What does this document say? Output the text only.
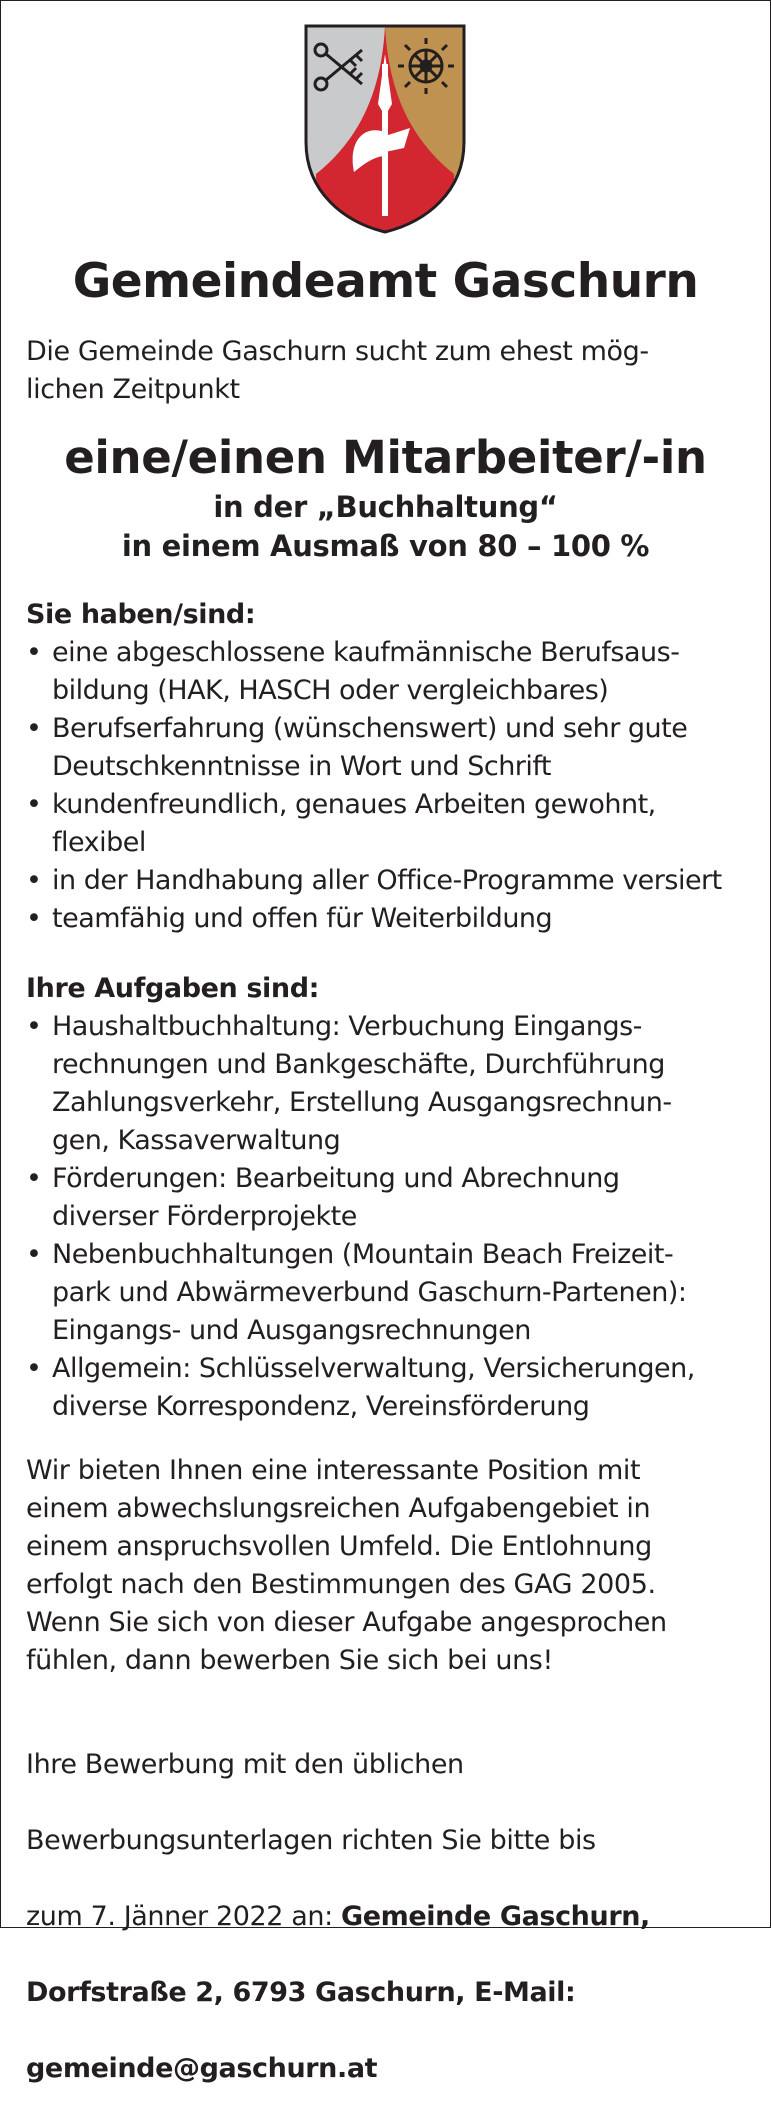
Gemeindeamt Gaschurn
Die Gemeinde Gaschurn sucht zum ehest mög-
lichen Zeitpunkt
eine/einen Mitarbeiter/-in
in der „Buchhaltung“
in einem Ausmaß von 80 – 100 %
Sie haben/sind:
• eine abgeschlossene kaufmännische Berufsaus-
bildung (HAK, HASCH oder vergleichbares)
• Berufserfahrung (wünschenswert) und sehr gute
Deutschkenntnisse in Wort und Schrift
• kundenfreundlich, genaues Arbeiten gewohnt,
flexibel
• in der Handhabung aller Office-Programme versiert
• teamfähig und offen für Weiterbildung
Ihre Aufgaben sind:
• Haushaltbuchhaltung: Verbuchung Eingangs-
rechnungen und Bankgeschäfte, Durchführung
Zahlungsverkehr, Erstellung Ausgangsrechnun-
gen, Kassaverwaltung
• Förderungen: Bearbeitung und Abrechnung
diverser Förderprojekte
• Nebenbuchhaltungen (Mountain Beach Freizeit-
park und Abwärmeverbund Gaschurn-Partenen):
Eingangs- und Ausgangsrechnungen
• Allgemein: Schlüsselverwaltung, Versicherungen,
diverse Korrespondenz, Vereinsförderung
Wir bieten Ihnen eine interessante Position mit
einem abwechslungsreichen Aufgabengebiet in
einem anspruchsvollen Umfeld. Die Entlohnung
erfolgt nach den Bestimmungen des GAG 2005.
Wenn Sie sich von dieser Aufgabe angesprochen
fühlen, dann bewerben Sie sich bei uns!

Ihre Bewerbung mit den üblichen

Bewerbungsunterlagen richten Sie bitte bis

zum 7. Jänner 2022 an: Gemeinde Gaschurn,

Dorfstraße 2, 6793 Gaschurn, E-Mail:

gemeinde@gaschurn.at
